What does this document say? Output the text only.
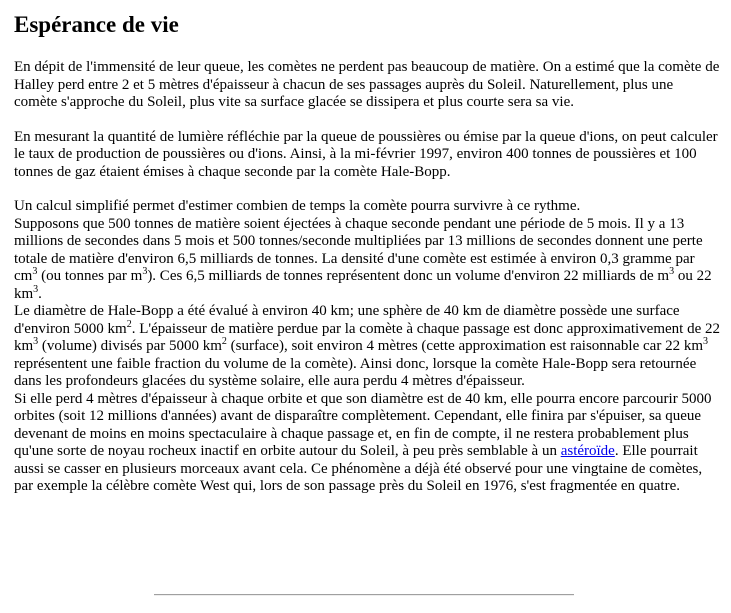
Espérance de vie

En dépit de l'immensité de leur queue, les comètes ne perdent pas beaucoup de matière. On a estimé que la comète de Halley perd entre 2 et 5 mètres d'épaisseur à chacun de ses passages auprès du Soleil. Naturellement, plus une comète s'approche du Soleil, plus vite sa surface glacée se dissipera et plus courte sera sa vie.

En mesurant la quantité de lumière réfléchie par la queue de poussières ou émise par la queue d'ions, on peut calculer le taux de production de poussières ou d'ions. Ainsi, à la mi-février 1997, environ 400 tonnes de poussières et 100 tonnes de gaz étaient émises à chaque seconde par la comète Hale-Bopp.

Un calcul simplifié permet d'estimer combien de temps la comète pourra survivre à ce rythme.
Supposons que 500 tonnes de matière soient éjectées à chaque seconde pendant une période de 5 mois. Il y a 13 millions de secondes dans 5 mois et 500 tonnes/seconde multipliées par 13 millions de secondes donnent une perte totale de matière d'environ 6,5 milliards de tonnes. La densité d'une comète est estimée à environ 0,3 gramme par $cm^3$ (ou tonnes par $m^3$). Ces 6,5 milliards de tonnes représentent donc un volume d'environ 22 milliards de $m^3$ ou 22 $km^3$.
Le diamètre de Hale-Bopp a été évalué à environ 40 km; une sphère de 40 km de diamètre possède une surface d'environ 5000 $km^2$. L'épaisseur de matière perdue par la comète à chaque passage est donc approximativement de 22 $km^3$ (volume) divisés par 5000 $km^2$ (surface), soit environ 4 mètres (cette approximation est raisonnable car 22 $km^3$ représentent une faible fraction du volume de la comète). Ainsi donc, lorsque la comète Hale-Bopp sera retournée dans les profondeurs glacées du système solaire, elle aura perdu 4 mètres d'épaisseur.
Si elle perd 4 mètres d'épaisseur à chaque orbite et que son diamètre est de 40 km, elle pourra encore parcourir 5000 orbites (soit 12 millions d'années) avant de disparaître complètement. Cependant, elle finira par s'épuiser, sa queue devenant de moins en moins spectaculaire à chaque passage et, en fin de compte, il ne restera probablement plus qu'une sorte de noyau rocheux inactif en orbite autour du Soleil, à peu près semblable à un astéroïde. Elle pourrait aussi se casser en plusieurs morceaux avant cela. Ce phénomène a déjà été observé pour une vingtaine de comètes, par exemple la célèbre comète West qui, lors de son passage près du Soleil en 1976, s'est fragmentée en quatre.
